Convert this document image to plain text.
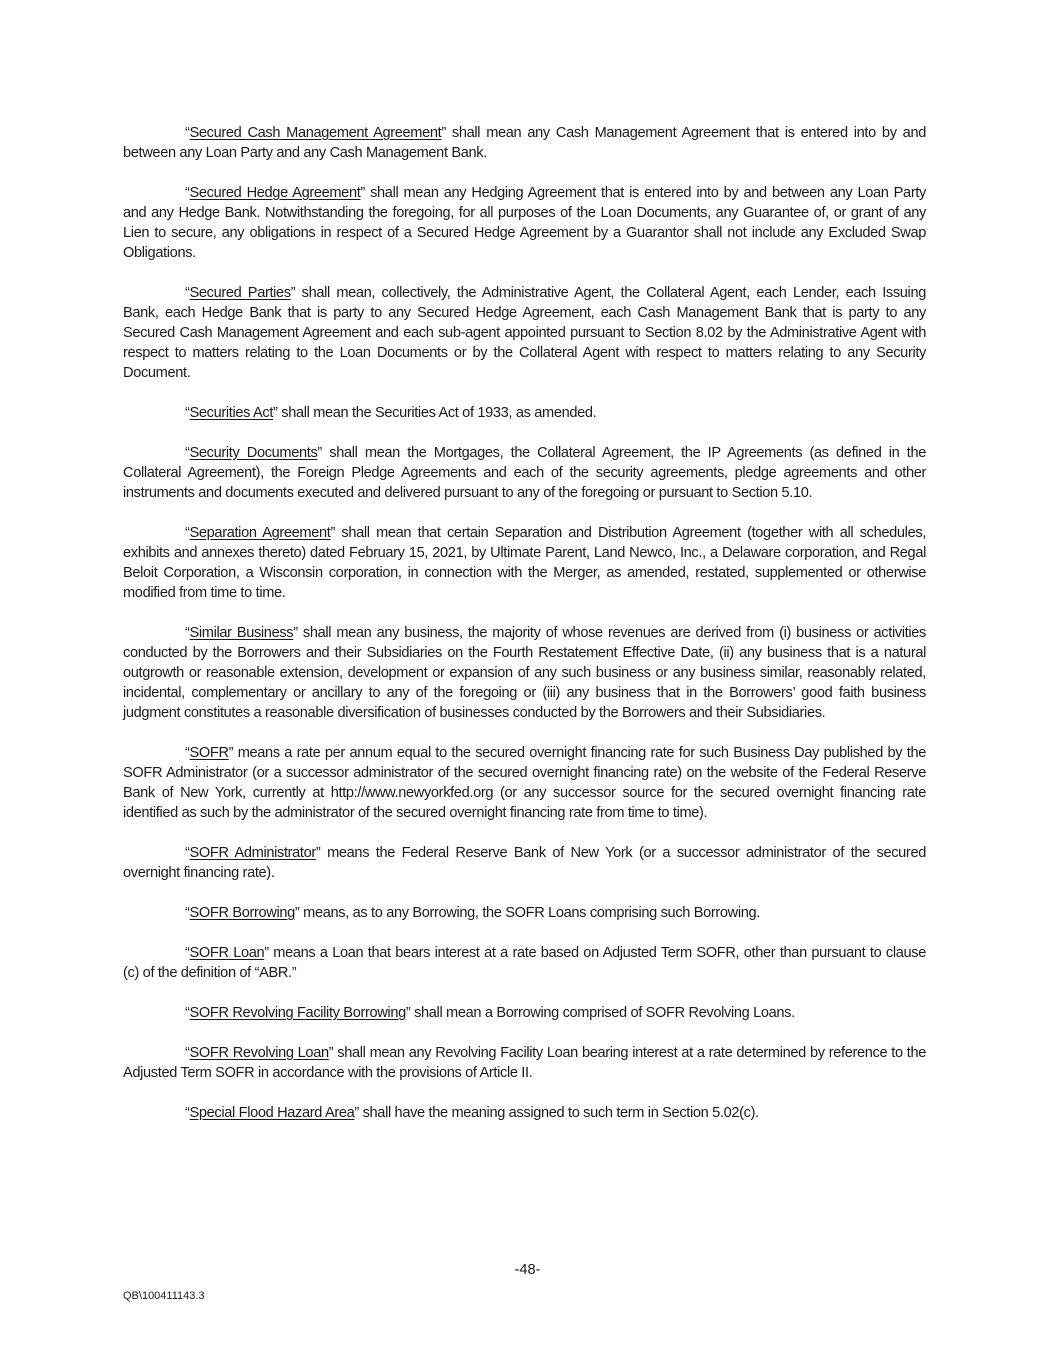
“Secured Cash Management Agreement” shall mean any Cash Management Agreement that is entered into by and between any Loan Party and any Cash Management Bank.

“Secured Hedge Agreement” shall mean any Hedging Agreement that is entered into by and between any Loan Party and any Hedge Bank. Notwithstanding the foregoing, for all purposes of the Loan Documents, any Guarantee of, or grant of any Lien to secure, any obligations in respect of a Secured Hedge Agreement by a Guarantor shall not include any Excluded Swap Obligations.

“Secured Parties” shall mean, collectively, the Administrative Agent, the Collateral Agent, each Lender, each Issuing Bank, each Hedge Bank that is party to any Secured Hedge Agreement, each Cash Management Bank that is party to any Secured Cash Management Agreement and each sub-agent appointed pursuant to Section 8.02 by the Administrative Agent with respect to matters relating to the Loan Documents or by the Collateral Agent with respect to matters relating to any Security Document.

“Securities Act” shall mean the Securities Act of 1933, as amended.

“Security Documents” shall mean the Mortgages, the Collateral Agreement, the IP Agreements (as defined in the Collateral Agreement), the Foreign Pledge Agreements and each of the security agreements, pledge agreements and other instruments and documents executed and delivered pursuant to any of the foregoing or pursuant to Section 5.10.

“Separation Agreement” shall mean that certain Separation and Distribution Agreement (together with all schedules, exhibits and annexes thereto) dated February 15, 2021, by Ultimate Parent, Land Newco, Inc., a Delaware corporation, and Regal Beloit Corporation, a Wisconsin corporation, in connection with the Merger, as amended, restated, supplemented or otherwise modified from time to time.

“Similar Business” shall mean any business, the majority of whose revenues are derived from (i) business or activities conducted by the Borrowers and their Subsidiaries on the Fourth Restatement Effective Date, (ii) any business that is a natural outgrowth or reasonable extension, development or expansion of any such business or any business similar, reasonably related, incidental, complementary or ancillary to any of the foregoing or (iii) any business that in the Borrowers’ good faith business judgment constitutes a reasonable diversification of businesses conducted by the Borrowers and their Subsidiaries.

“SOFR” means a rate per annum equal to the secured overnight financing rate for such Business Day published by the SOFR Administrator (or a successor administrator of the secured overnight financing rate) on the website of the Federal Reserve Bank of New York, currently at http://www.newyorkfed.org (or any successor source for the secured overnight financing rate identified as such by the administrator of the secured overnight financing rate from time to time).

“SOFR Administrator” means the Federal Reserve Bank of New York (or a successor administrator of the secured overnight financing rate).

“SOFR Borrowing” means, as to any Borrowing, the SOFR Loans comprising such Borrowing.

“SOFR Loan” means a Loan that bears interest at a rate based on Adjusted Term SOFR, other than pursuant to clause (c) of the definition of “ABR.”

“SOFR Revolving Facility Borrowing” shall mean a Borrowing comprised of SOFR Revolving Loans.

“SOFR Revolving Loan” shall mean any Revolving Facility Loan bearing interest at a rate determined by reference to the Adjusted Term SOFR in accordance with the provisions of Article II.

“Special Flood Hazard Area” shall have the meaning assigned to such term in Section 5.02(c).

-48-
QB\100411143.3
